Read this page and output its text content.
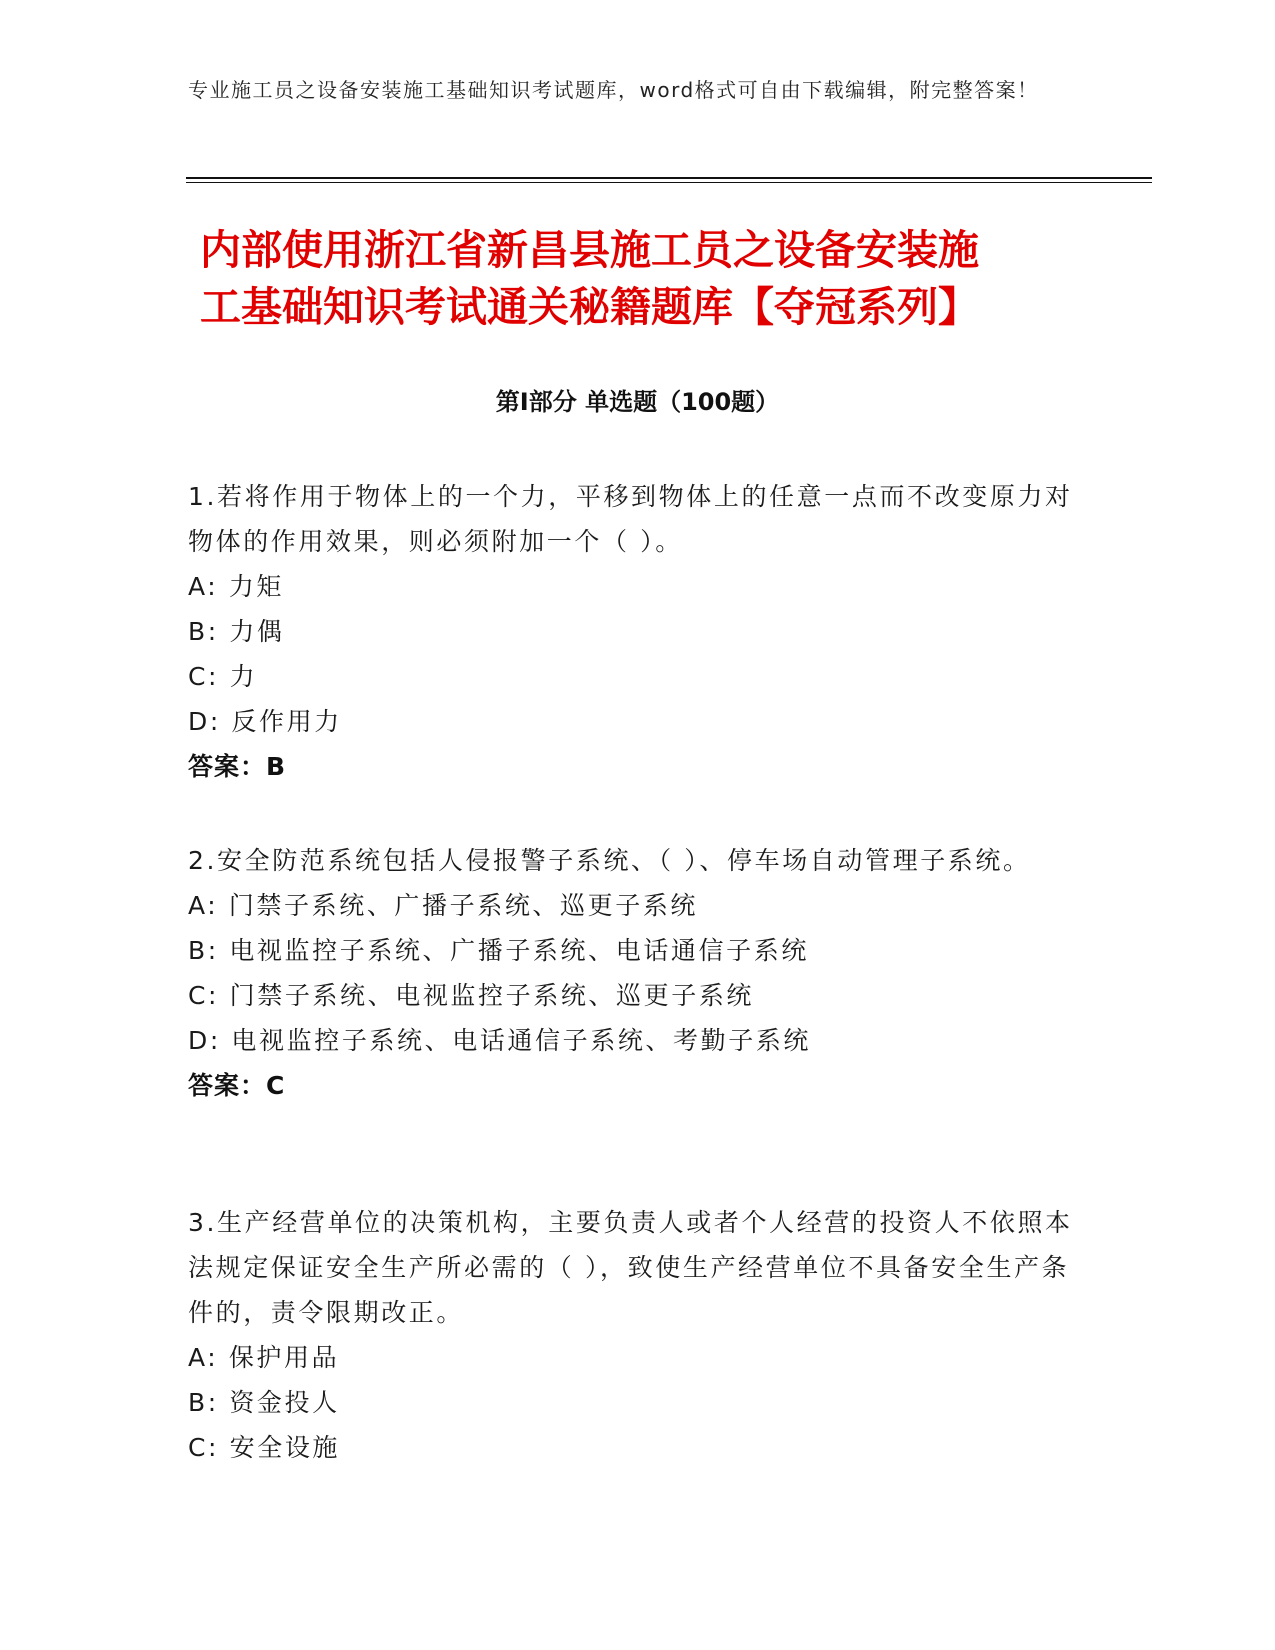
专业施工员之设备安装施工基础知识考试题库，word格式可自由下载编辑，附完整答案！
内部使用浙江省新昌县施工员之设备安装施
工基础知识考试通关秘籍题库【夺冠系列】
第Ⅰ部分 单选题（100题）

1.若将作用于物体上的一个力，平移到物体上的任意一点而不改变原力对物体的作用效果，则必须附加一个（ ）。

A: 力矩

B: 力偶

C: 力

D: 反作用力

答案：B

2.安全防范系统包括人侵报警子系统、（ ）、停车场自动管理子系统。

A: 门禁子系统、广播子系统、巡更子系统

B: 电视监控子系统、广播子系统、电话通信子系统

C: 门禁子系统、电视监控子系统、巡更子系统

D: 电视监控子系统、电话通信子系统、考勤子系统

答案：C

3.生产经营单位的决策机构，主要负责人或者个人经营的投资人不依照本法规定保证安全生产所必需的（ ），致使生产经营单位不具备安全生产条件的，责令限期改正。

A: 保护用品

B: 资金投人

C: 安全设施
